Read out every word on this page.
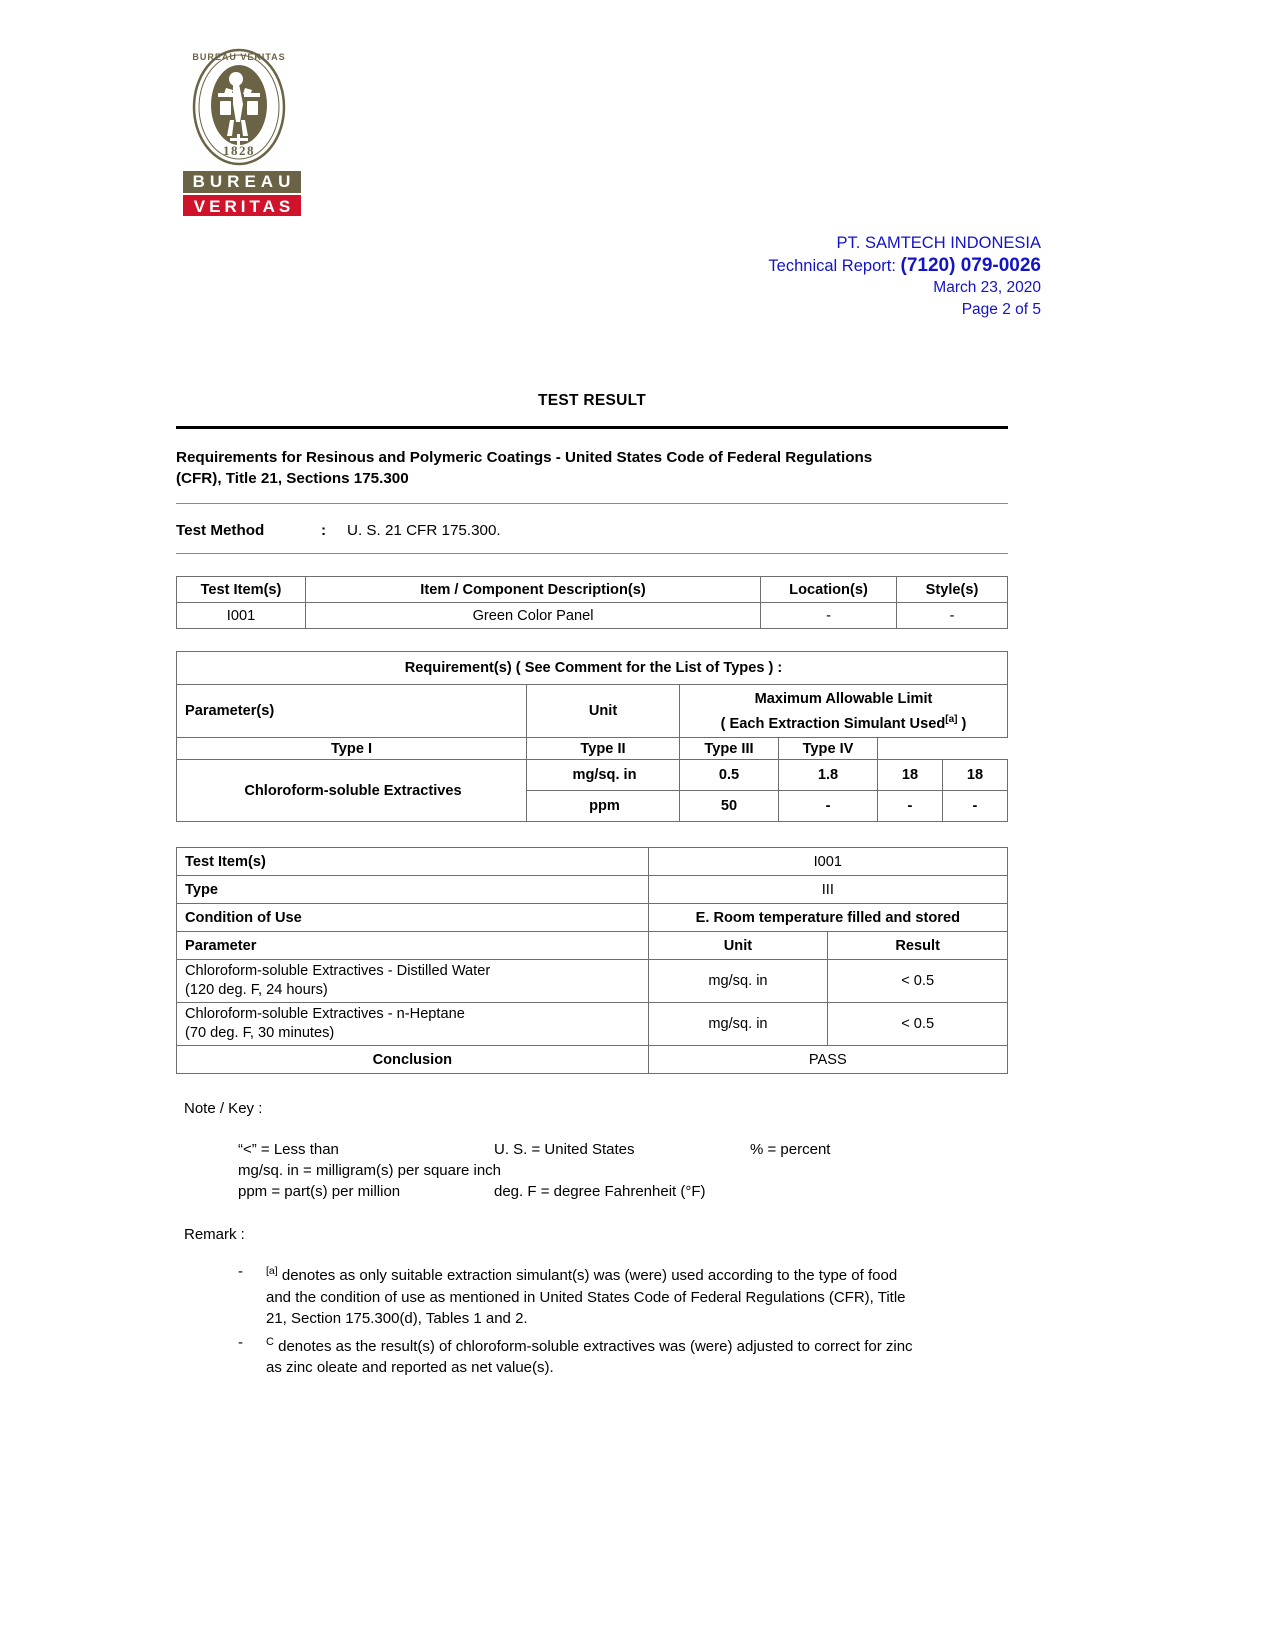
1828
BUREAU VERITAS
BUREAU
VERITAS
PT. SAMTECH INDONESIA
Technical Report: (7120) 079-0026
March 23, 2020
Page 2 of 5
TEST RESULT
Requirements for Resinous and Polymeric Coatings - United States Code of Federal Regulations
(CFR), Title 21, Sections 175.300
Test Method	:	U. S. 21 CFR 175.300.
Test Item(s)	Item / Component Description(s)	Location(s)	Style(s)
I001	Green Color Panel	-	-
Requirement(s) ( See Comment for the List of Types ) :					
Parameter(s)	Unit	Maximum Allowable Limit			
		( Each Extraction Simulant Used[a] )			
Type I	Type II	Type III	Type IV		
Chloroform-soluble Extractives	mg/sq. in	0.5	1.8	18	18
	ppm	50	-	-	-
Test Item(s)	I001	
Type	III	
Condition of Use	E. Room temperature filled and stored	
Parameter	Unit	Result
Chloroform-soluble Extractives - Distilled Water
(120 deg. F, 24 hours)	mg/sq. in	< 0.5
Chloroform-soluble Extractives - n-Heptane
(70 deg. F, 30 minutes)	mg/sq. in	< 0.5
Conclusion	PASS	
Note / Key :
“<” = Less than	U. S. = United States	% = percent
mg/sq. in = milligram(s) per square inch
ppm = part(s) per million	deg. F = degree Fahrenheit (°F)
Remark :
-	[a] denotes as only suitable extraction simulant(s) was (were) used according to the type of food
and the condition of use as mentioned in United States Code of Federal Regulations (CFR), Title
21, Section 175.300(d), Tables 1 and 2.
-	$^C$ denotes as the result(s) of chloroform-soluble extractives was (were) adjusted to correct for zinc
as zinc oleate and reported as net value(s).
